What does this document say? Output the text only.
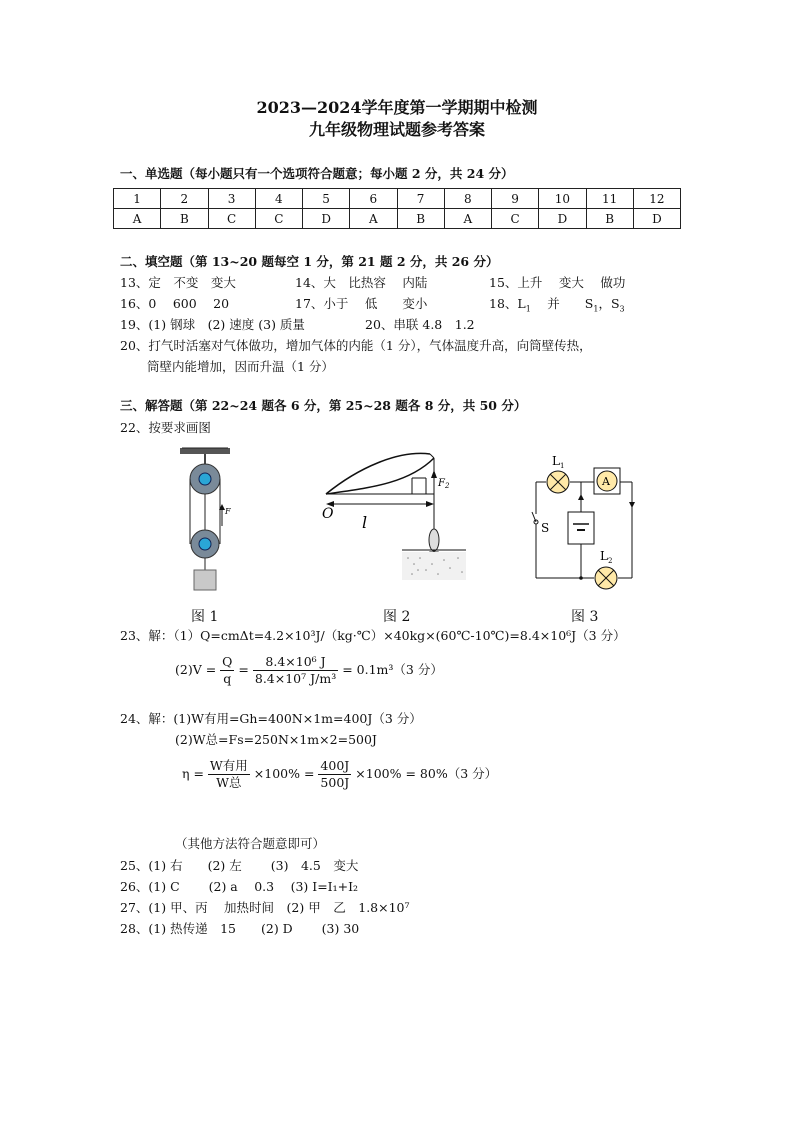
2023—2024学年度第一学期期中检测
九年级物理试题参考答案
一、单选题（每小题只有一个选项符合题意；每小题 2 分，共 24 分）
1	2	3	4	5	6	7	8	9	10	11	12
A	B	C	C	D	A	B	A	C	D	B	D
二、填空题（第 13~20 题每空 1 分，第 21 题 2 分，共 26 分）
13、定　不变　变大	14、大　比热容　 内陆	15、上升　 变大　 做功
16、0　 600　 20	17、小于　 低　　变小	18、$L_1$　 并　　$S_1$，$S_3$
19、(1) 钢球　(2) 速度 (3) 质量	20、串联 4.8　1.2
20、打气时活塞对气体做功，增加气体的内能（1 分），气体温度升高，向筒壁传热，
筒壁内能增加，因而升温（1 分）
三、解答题（第 22~24 题各 6 分，第 25~28 题各 8 分，共 50 分）
22、按要求画图
F
$F_2$
O l
$L_1$
A
S
$L_2$
图 1	图 2	图 3
23、解：（1）Q=cmΔt=4.2×10³J/（kg·℃）×40kg×(60℃-10℃)=8.4×10⁶J（3 分）
$(2)V = \frac{Q}{q} = \frac{\text{8.4×10⁶ J}}{\text{8.4×10⁷ J/m³}} = 0.1m^3(3$ 分）
24、解：(1)W有用=Gh=400N×1m=400J（3 分）
(2)W总=Fs=250N×1m×2=500J
$\eta = \frac{\text{W有用}}{\text{W总}} \times 100\% = \frac{400J}{500J} \times 100\% = 80\%(3$ 分）
（其他方法符合题意即可）
25、(1) 右　　(2) 左　　 (3)　4.5　变大
26、(1) C　　 (2) a　 0.3　 (3) I=I₁+I₂
27、(1) 甲、丙　 加热时间　(2) 甲　乙　1.8×10⁷
28、(1) 热传递　15　　(2) D　　 (3) 30
